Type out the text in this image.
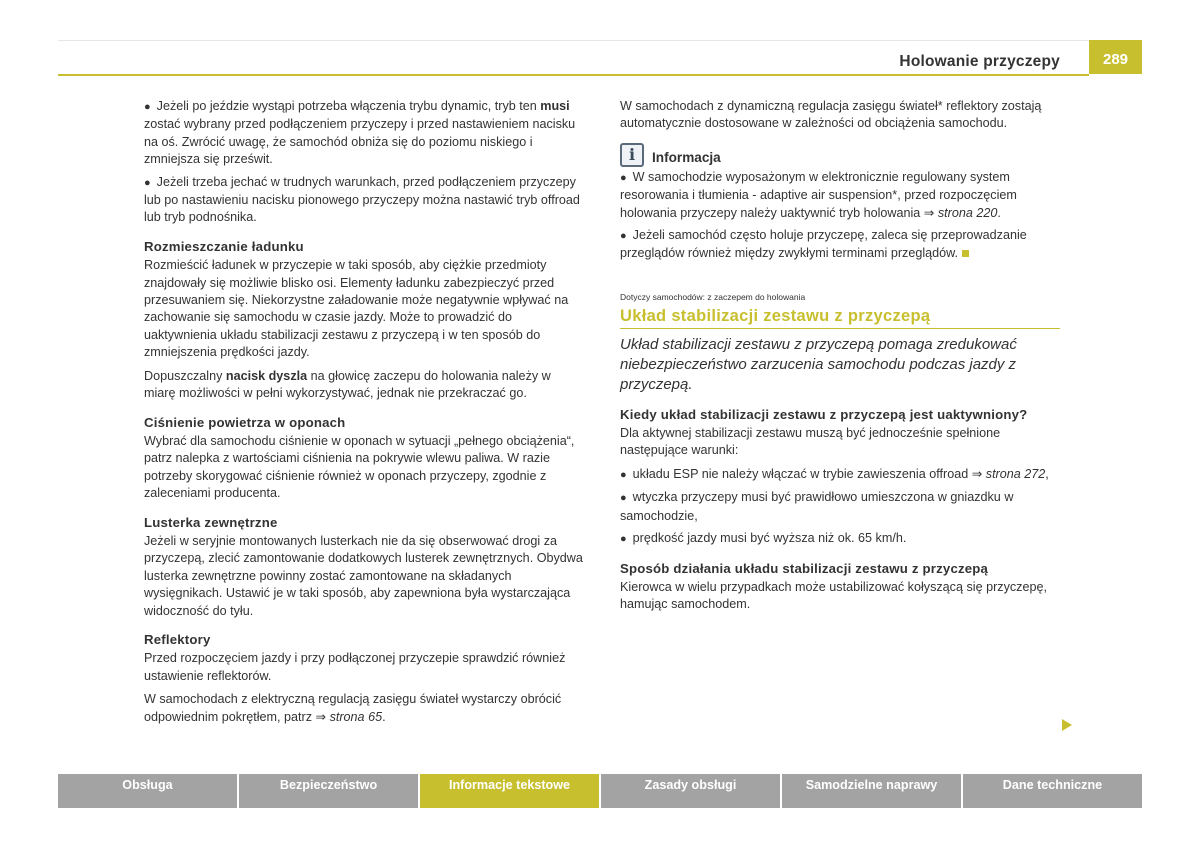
Holowanie przyczepy	289
● Jeżeli po jeździe wystąpi potrzeba włączenia trybu dynamic, tryb ten musi zostać wybrany przed podłączeniem przyczepy i przed nastawieniem nacisku na oś. Zwrócić uwagę, że samochód obniża się do poziomu niskiego i zmniejsza się prześwit.
● Jeżeli trzeba jechać w trudnych warunkach, przed podłączeniem przyczepy lub po nastawieniu nacisku pionowego przyczepy można nastawić tryb offroad lub tryb podnośnika.
Rozmieszczanie ładunku
Rozmieścić ładunek w przyczepie w taki sposób, aby ciężkie przedmioty znajdowały się możliwie blisko osi. Elementy ładunku zabezpieczyć przed przesuwaniem się. Niekorzystne załadowanie może negatywnie wpływać na zachowanie się samochodu w czasie jazdy. Może to prowadzić do uaktywnienia układu stabilizacji zestawu z przyczepą i w ten sposób do zmniejszenia prędkości jazdy.
Dopuszczalny nacisk dyszla na głowicę zaczepu do holowania należy w miarę możliwości w pełni wykorzystywać, jednak nie przekraczać go.
Ciśnienie powietrza w oponach
Wybrać dla samochodu ciśnienie w oponach w sytuacji „pełnego obciążenia“, patrz nalepka z wartościami ciśnienia na pokrywie wlewu paliwa. W razie potrzeby skorygować ciśnienie również w oponach przyczepy, zgodnie z zaleceniami producenta.
Lusterka zewnętrzne
Jeżeli w seryjnie montowanych lusterkach nie da się obserwować drogi za przyczepą, zlecić zamontowanie dodatkowych lusterek zewnętrznych. Obydwa lusterka zewnętrzne powinny zostać zamontowane na składanych wysięgnikach. Ustawić je w taki sposób, aby zapewniona była wystarczająca widoczność do tyłu.
Reflektory
Przed rozpoczęciem jazdy i przy podłączonej przyczepie sprawdzić również ustawienie reflektorów.
W samochodach z elektryczną regulacją zasięgu świateł wystarczy obrócić odpowiednim pokrętłem, patrz ⇒ strona 65.
W samochodach z dynamiczną regulacja zasięgu świateł* reflektory zostają automatycznie dostosowane w zależności od obciążenia samochodu.
i	Informacja
● W samochodzie wyposażonym w elektronicznie regulowany system resorowania i tłumienia - adaptive air suspension*, przed rozpoczęciem holowania przyczepy należy uaktywnić tryb holowania ⇒ strona 220.
● Jeżeli samochód często holuje przyczepę, zaleca się przeprowadzanie przeglądów również między zwykłymi terminami przeglądów.
Dotyczy samochodów: z zaczepem do holowania
Układ stabilizacji zestawu z przyczepą
Układ stabilizacji zestawu z przyczepą pomaga zredukować niebezpieczeństwo zarzucenia samochodu podczas jazdy z przyczepą.
Kiedy układ stabilizacji zestawu z przyczepą jest uaktywniony?
Dla aktywnej stabilizacji zestawu muszą być jednocześnie spełnione następujące warunki:
● układu ESP nie należy włączać w trybie zawieszenia offroad ⇒ strona 272,
● wtyczka przyczepy musi być prawidłowo umieszczona w gniazdku w samochodzie,
● prędkość jazdy musi być wyższa niż ok. 65 km/h.
Sposób działania układu stabilizacji zestawu z przyczepą
Kierowca w wielu przypadkach może ustabilizować kołyszącą się przyczepę, hamując samochodem.
Obsługa	Bezpieczeństwo	Informacje tekstowe	Zasady obsługi	Samodzielne naprawy	Dane techniczne
